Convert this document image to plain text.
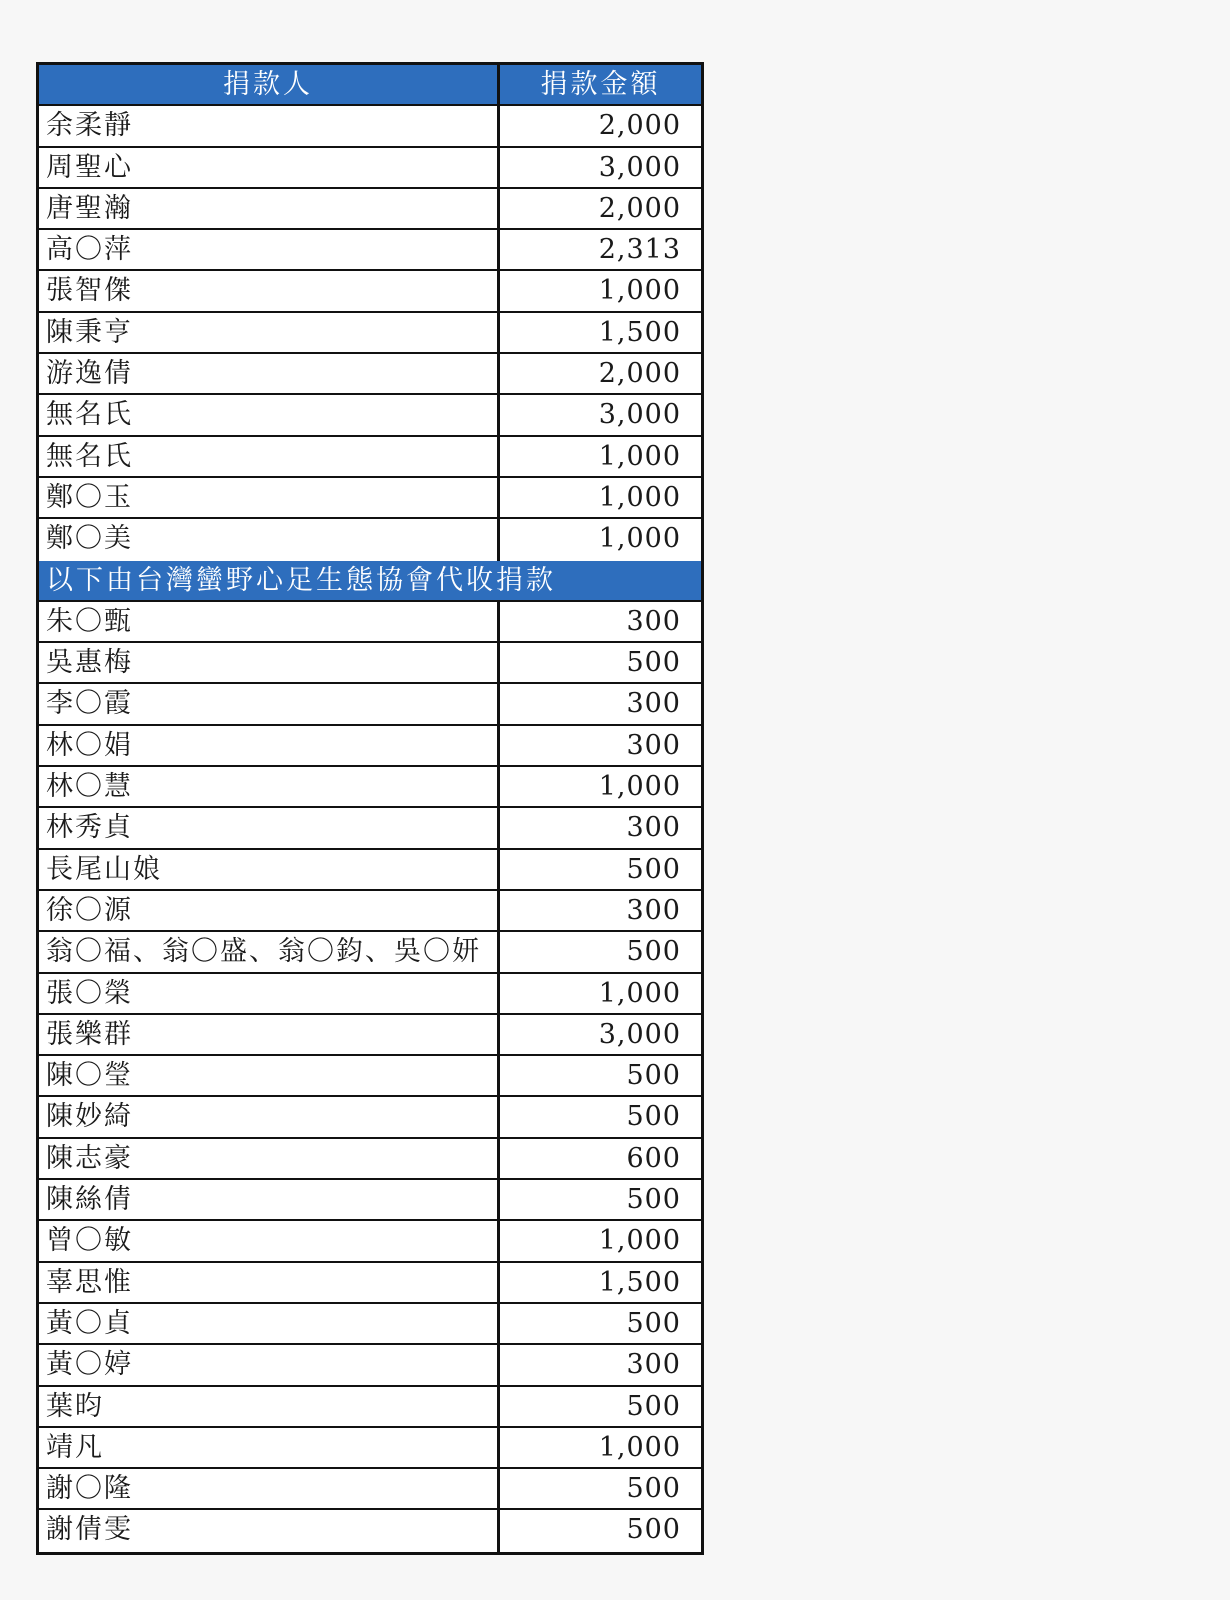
捐款人	捐款金額
余柔靜	2,000
周聖心	3,000
唐聖瀚	2,000
高〇萍	2,313
張智傑	1,000
陳秉亨	1,500
游逸倩	2,000
無名氏	3,000
無名氏	1,000
鄭〇玉	1,000
鄭〇美	1,000
以下由台灣蠻野心足生態協會代收捐款
朱〇甄	300
吳惠梅	500
李〇霞	300
林〇娟	300
林〇慧	1,000
林秀貞	300
長尾山娘	500
徐〇源	300
翁〇福、翁〇盛、翁〇鈞、吳〇妍	500
張〇榮	1,000
張樂群	3,000
陳〇瑩	500
陳妙綺	500
陳志豪	600
陳絲倩	500
曾〇敏	1,000
辜思惟	1,500
黃〇貞	500
黃〇婷	300
葉昀	500
靖凡	1,000
謝〇隆	500
謝倩雯	500
